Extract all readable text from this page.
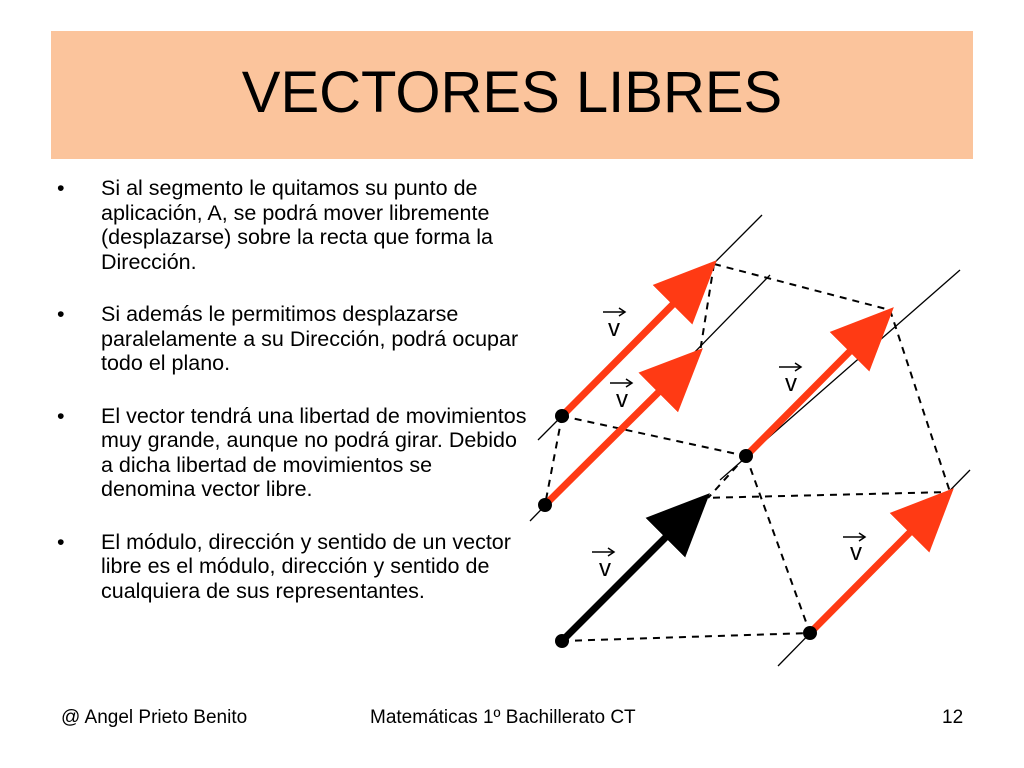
VECTORES LIBRES
•	Si al segmento le quitamos su punto de aplicación, A, se podrá mover libremente (desplazarse) sobre la recta que forma la Dirección.
•	Si además le permitimos desplazarse paralelamente a su Dirección, podrá ocupar todo el plano.
•	El vector tendrá una libertad de movimientos muy grande, aunque no podrá girar. Debido a dicha libertad de movimientos se denomina vector libre.
•	El módulo, dirección y sentido de un vector libre es el módulo, dirección y sentido de cualquiera de sus representantes.
v
v
v
v
v
@ Angel Prieto Benito	Matemáticas 1º Bachillerato CT	12
